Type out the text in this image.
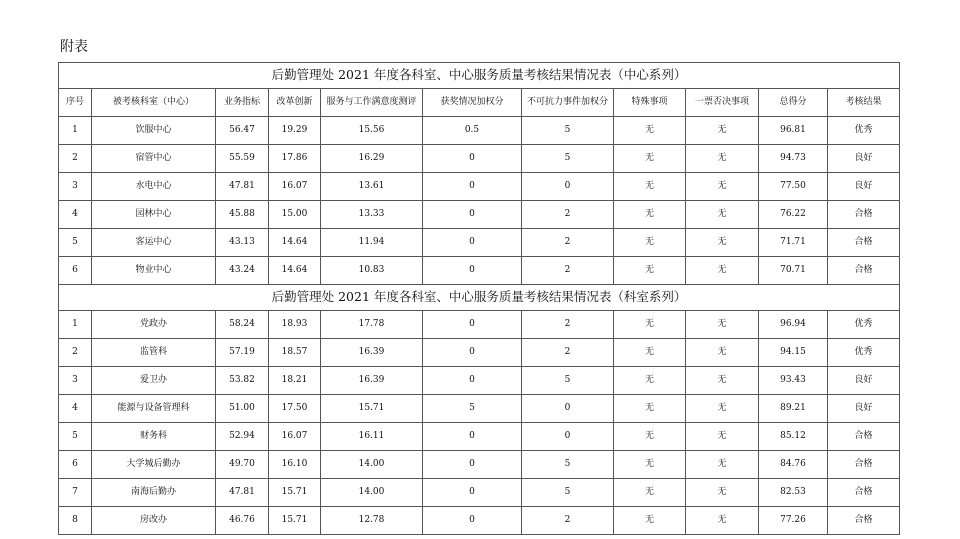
附表
后勤管理处 2021 年度各科室、中心服务质量考核结果情况表（中心系列）										
序号	被考核科室（中心）	业务指标	改革创新	服务与工作满意度测评	获奖情况加权分	不可抗力事件加权分	特殊事项	一票否决事项	总得分	考核结果
1	饮服中心	56.47	19.29	15.56	0.5	5	无	无	96.81	优秀
2	宿管中心	55.59	17.86	16.29	0	5	无	无	94.73	良好
3	水电中心	47.81	16.07	13.61	0	0	无	无	77.50	良好
4	园林中心	45.88	15.00	13.33	0	2	无	无	76.22	合格
5	客运中心	43.13	14.64	11.94	0	2	无	无	71.71	合格
6	物业中心	43.24	14.64	10.83	0	2	无	无	70.71	合格
后勤管理处 2021 年度各科室、中心服务质量考核结果情况表（科室系列）										
1	党政办	58.24	18.93	17.78	0	2	无	无	96.94	优秀
2	监管科	57.19	18.57	16.39	0	2	无	无	94.15	优秀
3	爱卫办	53.82	18.21	16.39	0	5	无	无	93.43	良好
4	能源与设备管理科	51.00	17.50	15.71	5	0	无	无	89.21	良好
5	财务科	52.94	16.07	16.11	0	0	无	无	85.12	合格
6	大学城后勤办	49.70	16.10	14.00	0	5	无	无	84.76	合格
7	南海后勤办	47.81	15.71	14.00	0	5	无	无	82.53	合格
8	房改办	46.76	15.71	12.78	0	2	无	无	77.26	合格
